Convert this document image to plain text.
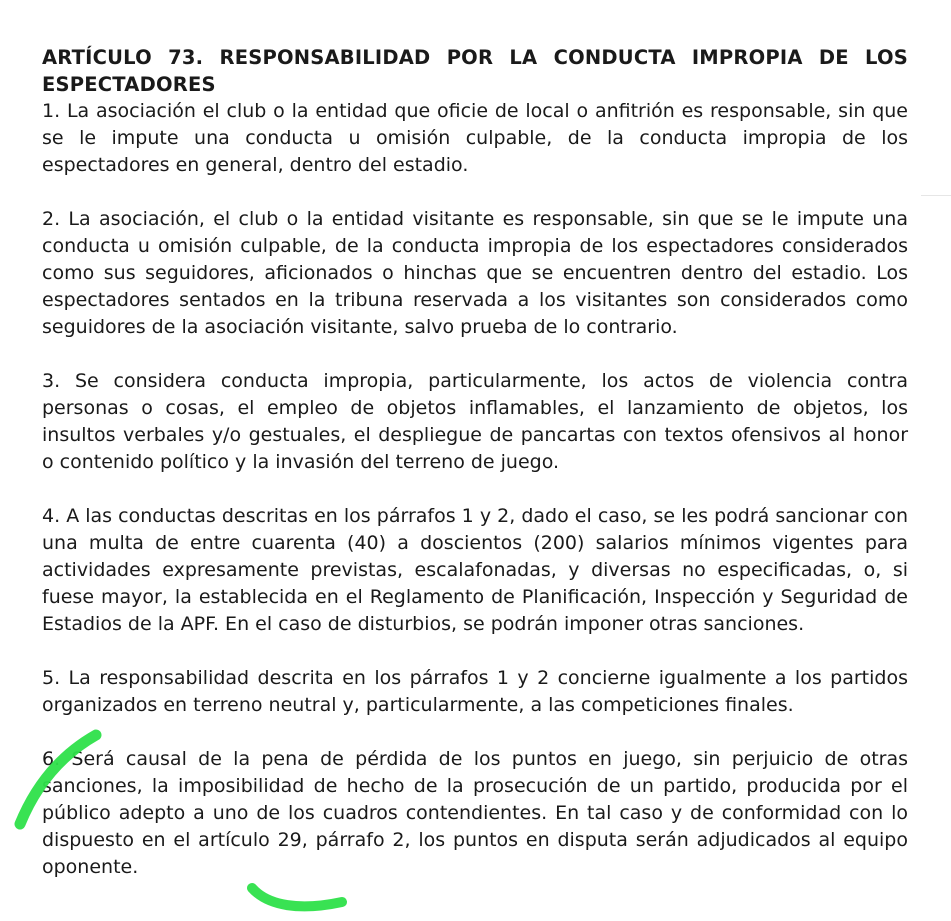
ARTÍCULO 73. RESPONSABILIDAD POR LA CONDUCTA IMPROPIA DE LOS ESPECTADORES

1. La asociación el club o la entidad que oficie de local o anfitrión es responsable, sin que se le impute una conducta u omisión culpable, de la conducta impropia de los espectadores en general, dentro del estadio.

2. La asociación, el club o la entidad visitante es responsable, sin que se le impute una conducta u omisión culpable, de la conducta impropia de los espectadores considerados como sus seguidores, aficionados o hinchas que se encuentren dentro del estadio. Los espectadores sentados en la tribuna reservada a los visitantes son considerados como seguidores de la asociación visitante, salvo prueba de lo contrario.

3. Se considera conducta impropia, particularmente, los actos de violencia contra personas o cosas, el empleo de objetos inflamables, el lanzamiento de objetos, los insultos verbales y/o gestuales, el despliegue de pancartas con textos ofensivos al honor o contenido político y la invasión del terreno de juego.

4. A las conductas descritas en los párrafos 1 y 2, dado el caso, se les podrá sancionar con una multa de entre cuarenta (40) a doscientos (200) salarios mínimos vigentes para actividades expresamente previstas, escalafonadas, y diversas no especificadas, o, si fuese mayor, la establecida en el Reglamento de Planificación, Inspección y Seguridad de Estadios de la APF. En el caso de disturbios, se podrán imponer otras sanciones.

5. La responsabilidad descrita en los párrafos 1 y 2 concierne igualmente a los partidos organizados en terreno neutral y, particularmente, a las competiciones finales.

6. Será causal de la pena de pérdida de los puntos en juego, sin perjuicio de otras sanciones, la imposibilidad de hecho de la prosecución de un partido, producida por el público adepto a uno de los cuadros contendientes. En tal caso y de conformidad con lo dispuesto en el artículo 29, párrafo 2, los puntos en disputa serán adjudicados al equipo oponente.
